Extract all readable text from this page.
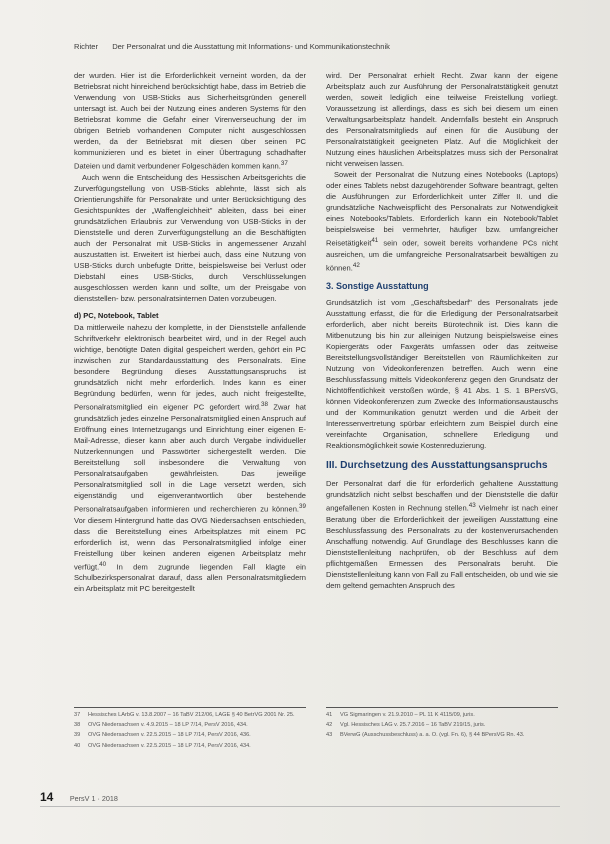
Richter Der Personalrat und die Ausstattung mit Informations- und Kommunikationstechnik

der wurden. Hier ist die Erforderlichkeit verneint worden, da der Betriebsrat nicht hinreichend berücksichtigt habe, dass im Betrieb die Verwendung von USB-Sticks aus Sicherheitsgründen generell untersagt ist. Auch bei der Nutzung eines anderen Systems für den Betriebsrat komme die Gefahr einer Virenverseuchung der im übrigen Betrieb vorhandenen Computer nicht ausgeschlossen werden, da der Betriebsrat mit diesen über seinen PC kommunizieren und es bietet in einer Übertragung schadhafter Dateien und damit verbundener Folgeschäden kommen kann.$^{37}$

Auch wenn die Entscheidung des Hessischen Arbeitsgerichts die Zurverfügungstellung von USB-Sticks ablehnte, lässt sich als Orientierungshilfe für Personalräte und unter Berücksichtigung des Gesichtspunktes der „Waffengleichheit" ableiten, dass bei einer grundsätzlichen Erlaubnis zur Verwendung von USB-Sticks in der Dienststelle und deren Zurverfügungstellung an die Beschäftigten auch der Personalrat mit USB-Sticks in angemessener Anzahl auszustatten ist. Erweitert ist hierbei auch, dass eine Nutzung von USB-Sticks durch unbefugte Dritte, beispielsweise bei Verlust oder Diebstahl eines USB-Sticks, durch Verschlüsselungen ausgeschlossen werden kann und sollte, um der Preisgabe von dienststellen- bzw. personalratsinternen Daten vorzubeugen.

d) PC, Notebook, Tablet

Da mittlerweile nahezu der komplette, in der Dienststelle anfallende Schriftverkehr elektronisch bearbeitet wird, und in der Regel auch wichtige, benötigte Daten digital gespeichert werden, gehört ein PC inzwischen zur Standardausstattung des Personalrats. Eine besondere Begründung dieses Ausstattungsanspruchs ist grundsätzlich nicht mehr erforderlich. Indes kann es einer Begründung bedürfen, wenn für jedes, auch nicht freigestellte, Personalratsmitglied ein eigener PC gefordert wird.$^{38}$ Zwar hat grundsätzlich jedes einzelne Personalratsmitglied einen Anspruch auf Eröffnung eines Internetzugangs und Einrichtung einer eigenen E-Mail-Adresse, dieser kann aber auch durch Vergabe individueller Nutzerkennungen und Passwörter sichergestellt werden. Die Bereitstellung soll insbesondere die Verwaltung von Personalratsaufgaben gewährleisten. Das jeweilige Personalratsmitglied soll in die Lage versetzt werden, sich eigenständig und eigenverantwortlich über bestehende Personalratsaufgaben informieren und recherchieren zu können.$^{39}$ Vor diesem Hintergrund hatte das OVG Niedersachsen entschieden, dass die Bereitstellung eines Arbeitsplatzes mit einem PC erforderlich ist, wenn das Personalratsmitglied infolge einer Freistellung über keinen anderen eigenen Arbeitsplatz mehr verfügt.$^{40}$ In dem zugrunde liegenden Fall klagte ein Schulbezirkspersonalrat darauf, dass allen Personalratsmitgliedern ein Arbeitsplatz mit PC bereitgestellt

wird. Der Personalrat erhielt Recht. Zwar kann der eigene Arbeitsplatz auch zur Ausführung der Personalratstätigkeit genutzt werden, soweit lediglich eine teilweise Freistellung vorliegt. Voraussetzung ist allerdings, dass es sich bei diesem um einen Verwaltungsarbeitsplatz handelt. Andernfalls besteht ein Anspruch des Personalratsmitglieds auf einen für die Ausübung der Personalratstätigkeit geeigneten Platz. Auf die Möglichkeit der Nutzung eines häuslichen Arbeitsplatzes muss sich der Personalrat nicht verweisen lassen.

Soweit der Personalrat die Nutzung eines Notebooks (Laptops) oder eines Tablets nebst dazugehörender Software beantragt, gelten die Ausführungen zur Erforderlichkeit unter Ziffer II. und die grundsätzliche Nachweispflicht des Personalrats zur Notwendigkeit eines Notebooks/Tablets. Erforderlich kann ein Notebook/Tablet beispielsweise bei vermehrter, häufiger bzw. umfangreicher Reisetätigkeit$^{41}$ sein oder, soweit bereits vorhandene PCs nicht ausreichen, um die umfangreiche Personalratsarbeit bewältigen zu können.$^{42}$

3. Sonstige Ausstattung

Grundsätzlich ist vom „Geschäftsbedarf" des Personalrats jede Ausstattung erfasst, die für die Erledigung der Personalratsarbeit erforderlich, aber nicht bereits Bürotechnik ist. Dies kann die Mitbenutzung bis hin zur alleinigen Nutzung beispielsweise eines Kopiergeräts oder Faxgeräts umfassen oder das zeitweise Bereitstellungsvollständiger Bereitstellen von Räumlichkeiten zur Nutzung von Videokonferenzen betreffen. Auch wenn eine Beschlussfassung mittels Videokonferenz gegen den Grundsatz der Nichtöffentlichkeit verstoßen würde, § 41 Abs. 1 S. 1 BPersVG, können Videokonferenzen zum Zwecke des Informationsaustauschs und der Kommunikation genutzt werden und die Arbeit der Interessenvertretung spürbar erleichtern zum Beispiel durch eine vereinfachte Organisation, schnellere Erledigung und Reaktionsmöglichkeit sowie Kostenreduzierung.

III. Durchsetzung des Ausstattungsanspruchs

Der Personalrat darf die für erforderlich gehaltene Ausstattung grundsätzlich nicht selbst beschaffen und der Dienststelle die dafür angefallenen Kosten in Rechnung stellen.$^{43}$ Vielmehr ist nach einer Beratung über die Erforderlichkeit der jeweiligen Ausstattung eine Beschlussfassung des Personalrats zu der kostenverursachenden Anschaffung notwendig. Auf Grundlage des Beschlusses kann die Dienststellenleitung nachprüfen, ob der Beschluss auf dem pflichtgemäßen Ermessen des Personalrats beruht. Die Dienststellenleitung kann von Fall zu Fall entscheiden, ob und wie sie dem geltend gemachten Anspruch des

37	Hessisches LArbG v. 13.8.2007 – 16 TaBV 212/06, LAGE § 40 BetrVG 2001 Nr. 25.
38	OVG Niedersachsen v. 4.9.2015 – 18 LP 7/14, PersV 2016, 434.
39	OVG Niedersachsen v. 22.5.2015 – 18 LP 7/14, PersV 2016, 436.
40	OVG Niedersachsen v. 22.5.2015 – 18 LP 7/14, PersV 2016, 434.
41	VG Sigmaringen v. 21.9.2010 – PL 11 K 4115/09, juris.
42	Vgl. Hessisches LAG v. 25.7.2016 – 16 TaBV 219/15, juris.
43	BVerwG (Ausschussbeschluss) a. a. O. (vgl. Fn. 6), § 44 BPersVG Rn. 43.
14 PersV 1 · 2018
